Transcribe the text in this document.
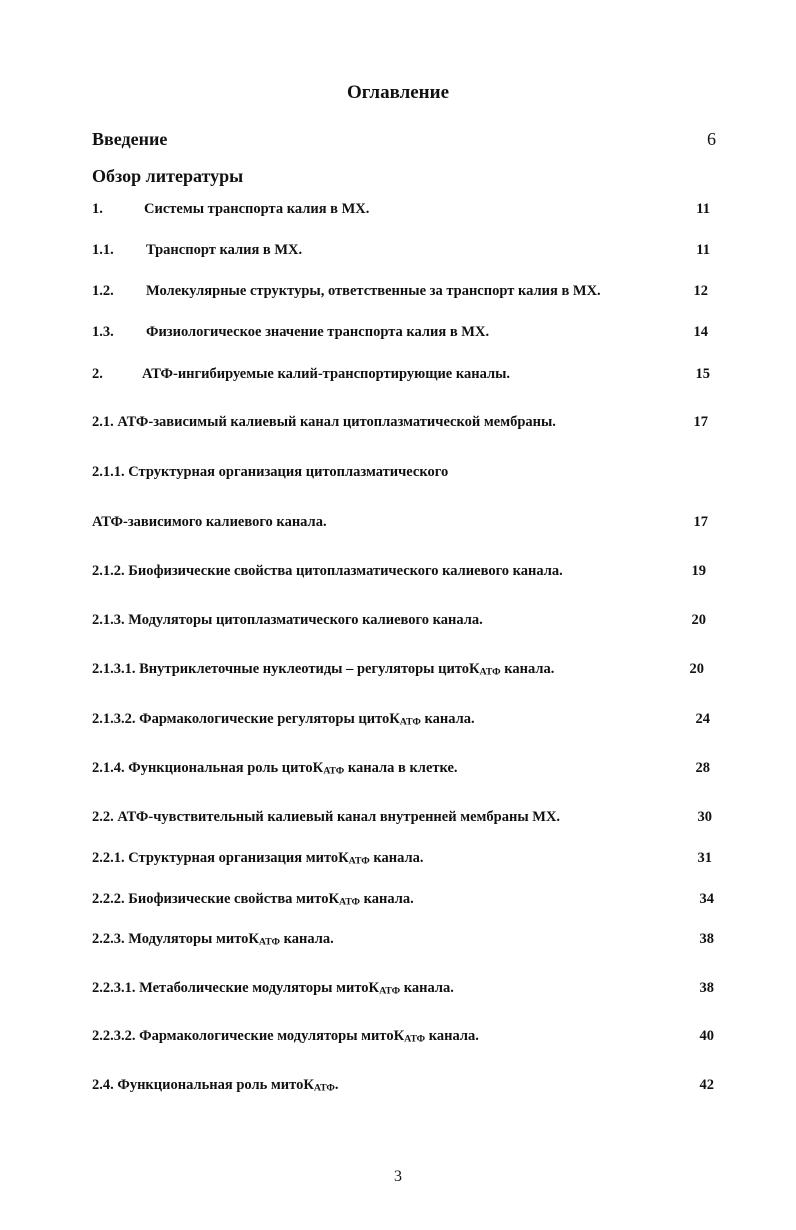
Оглавление
Введение	6
Обзор литературы
1.	Системы транспорта калия в МХ.	11
1.1. Транспорт калия в МХ.	11
1.2. Молекулярные структуры, ответственные за транспорт калия в МХ.	12
1.3. Физиологическое значение транспорта калия в МХ.	14
2.	АТФ-ингибируемые калий-транспортирующие каналы.	15
2.1. АТФ-зависимый калиевый канал цитоплазматической мембраны.	17
2.1.1. Структурная организация цитоплазматического
АТФ-зависимого калиевого канала.	17
2.1.2. Биофизические свойства цитоплазматического калиевого канала.	19
2.1.3. Модуляторы цитоплазматического калиевого канала.	20
2.1.3.1. Внутриклеточные нуклеотиды – регуляторы цитоК$_{АТФ}$ канала.	20
2.1.3.2. Фармакологические регуляторы цитоК$_{АТФ}$ канала.	24
2.1.4. Функциональная роль цитоК$_{АТФ}$ канала в клетке.	28
2.2. АТФ-чувствительный калиевый канал внутренней мембраны МХ.	30
2.2.1. Структурная организация митоК$_{АТФ}$ канала.	31
2.2.2. Биофизические свойства митоК$_{АТФ}$ канала.	34
2.2.3. Модуляторы митоК$_{АТФ}$ канала.	38
2.2.3.1. Метаболические модуляторы митоК$_{АТФ}$ канала.	38
2.2.3.2. Фармакологические модуляторы митоК$_{АТФ}$ канала.	40
2.4. Функциональная роль митоК$_{АТФ}$.	42
3
